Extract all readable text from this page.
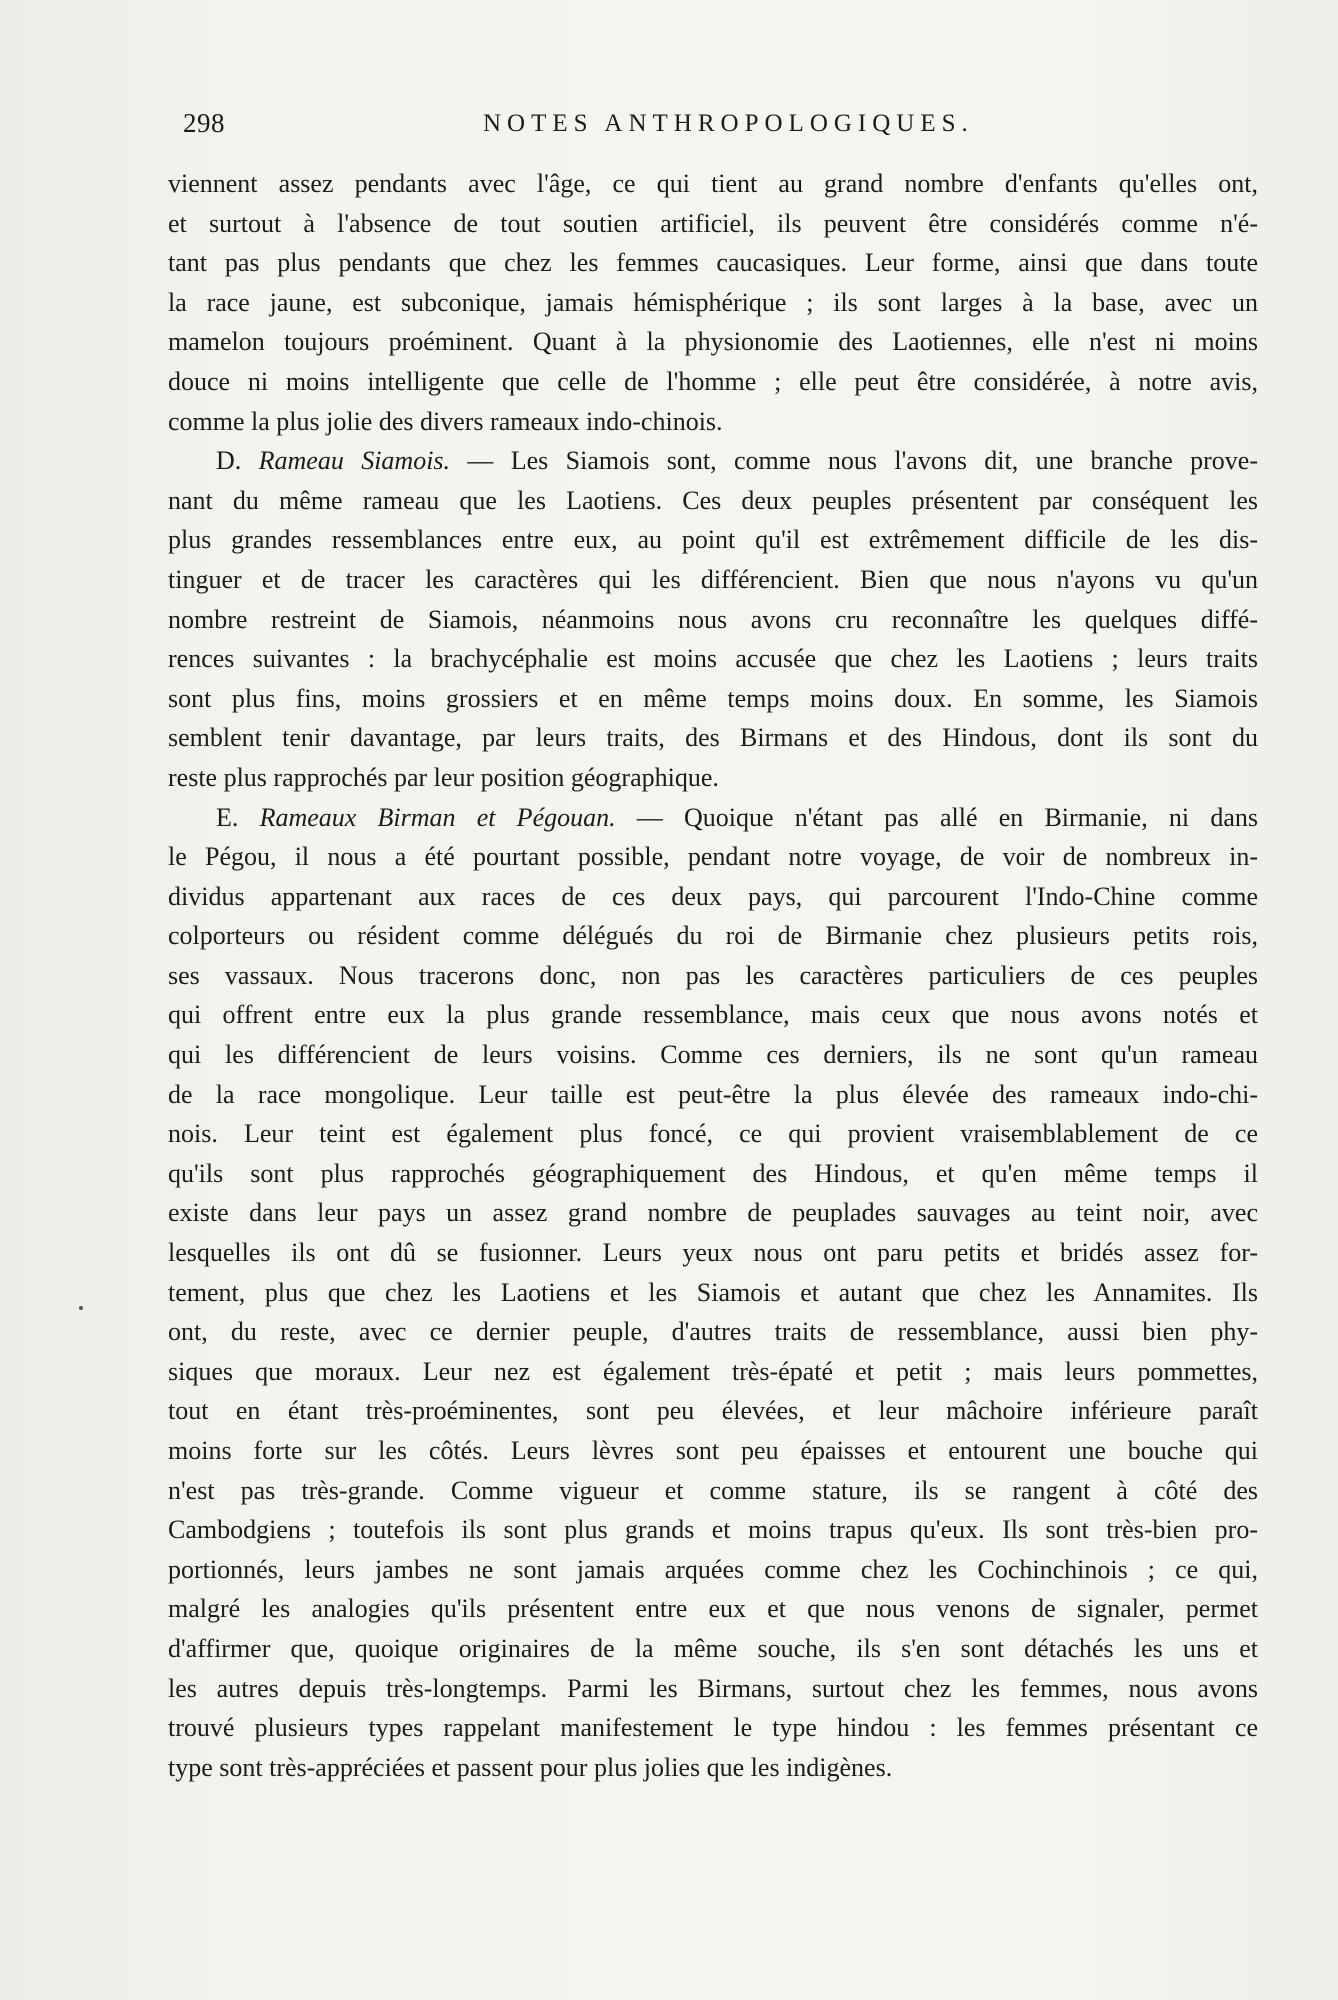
298	NOTES ANTHROPOLOGIQUES.
viennent assez pendants avec l'âge, ce qui tient au grand nombre d'enfants qu'elles ont,
et surtout à l'absence de tout soutien artificiel, ils peuvent être considérés comme n'é-
tant pas plus pendants que chez les femmes caucasiques. Leur forme, ainsi que dans toute
la race jaune, est subconique, jamais hémisphérique ; ils sont larges à la base, avec un
mamelon toujours proéminent. Quant à la physionomie des Laotiennes, elle n'est ni moins
douce ni moins intelligente que celle de l'homme ; elle peut être considérée, à notre avis,
comme la plus jolie des divers rameaux indo-chinois.
D. Rameau Siamois. — Les Siamois sont, comme nous l'avons dit, une branche prove-
nant du même rameau que les Laotiens. Ces deux peuples présentent par conséquent les
plus grandes ressemblances entre eux, au point qu'il est extrêmement difficile de les dis-
tinguer et de tracer les caractères qui les différencient. Bien que nous n'ayons vu qu'un
nombre restreint de Siamois, néanmoins nous avons cru reconnaître les quelques diffé-
rences suivantes : la brachycéphalie est moins accusée que chez les Laotiens ; leurs traits
sont plus fins, moins grossiers et en même temps moins doux. En somme, les Siamois
semblent tenir davantage, par leurs traits, des Birmans et des Hindous, dont ils sont du
reste plus rapprochés par leur position géographique.
E. Rameaux Birman et Pégouan. — Quoique n'étant pas allé en Birmanie, ni dans
le Pégou, il nous a été pourtant possible, pendant notre voyage, de voir de nombreux in-
dividus appartenant aux races de ces deux pays, qui parcourent l'Indo-Chine comme
colporteurs ou résident comme délégués du roi de Birmanie chez plusieurs petits rois,
ses vassaux. Nous tracerons donc, non pas les caractères particuliers de ces peuples
qui offrent entre eux la plus grande ressemblance, mais ceux que nous avons notés et
qui les différencient de leurs voisins. Comme ces derniers, ils ne sont qu'un rameau
de la race mongolique. Leur taille est peut-être la plus élevée des rameaux indo-chi-
nois. Leur teint est également plus foncé, ce qui provient vraisemblablement de ce
qu'ils sont plus rapprochés géographiquement des Hindous, et qu'en même temps il
existe dans leur pays un assez grand nombre de peuplades sauvages au teint noir, avec
lesquelles ils ont dû se fusionner. Leurs yeux nous ont paru petits et bridés assez for-
tement, plus que chez les Laotiens et les Siamois et autant que chez les Annamites. Ils
ont, du reste, avec ce dernier peuple, d'autres traits de ressemblance, aussi bien phy-
siques que moraux. Leur nez est également très-épaté et petit ; mais leurs pommettes,
tout en étant très-proéminentes, sont peu élevées, et leur mâchoire inférieure paraît
moins forte sur les côtés. Leurs lèvres sont peu épaisses et entourent une bouche qui
n'est pas très-grande. Comme vigueur et comme stature, ils se rangent à côté des
Cambodgiens ; toutefois ils sont plus grands et moins trapus qu'eux. Ils sont très-bien pro-
portionnés, leurs jambes ne sont jamais arquées comme chez les Cochinchinois ; ce qui,
malgré les analogies qu'ils présentent entre eux et que nous venons de signaler, permet
d'affirmer que, quoique originaires de la même souche, ils s'en sont détachés les uns et
les autres depuis très-longtemps. Parmi les Birmans, surtout chez les femmes, nous avons
trouvé plusieurs types rappelant manifestement le type hindou : les femmes présentant ce
type sont très-appréciées et passent pour plus jolies que les indigènes.
